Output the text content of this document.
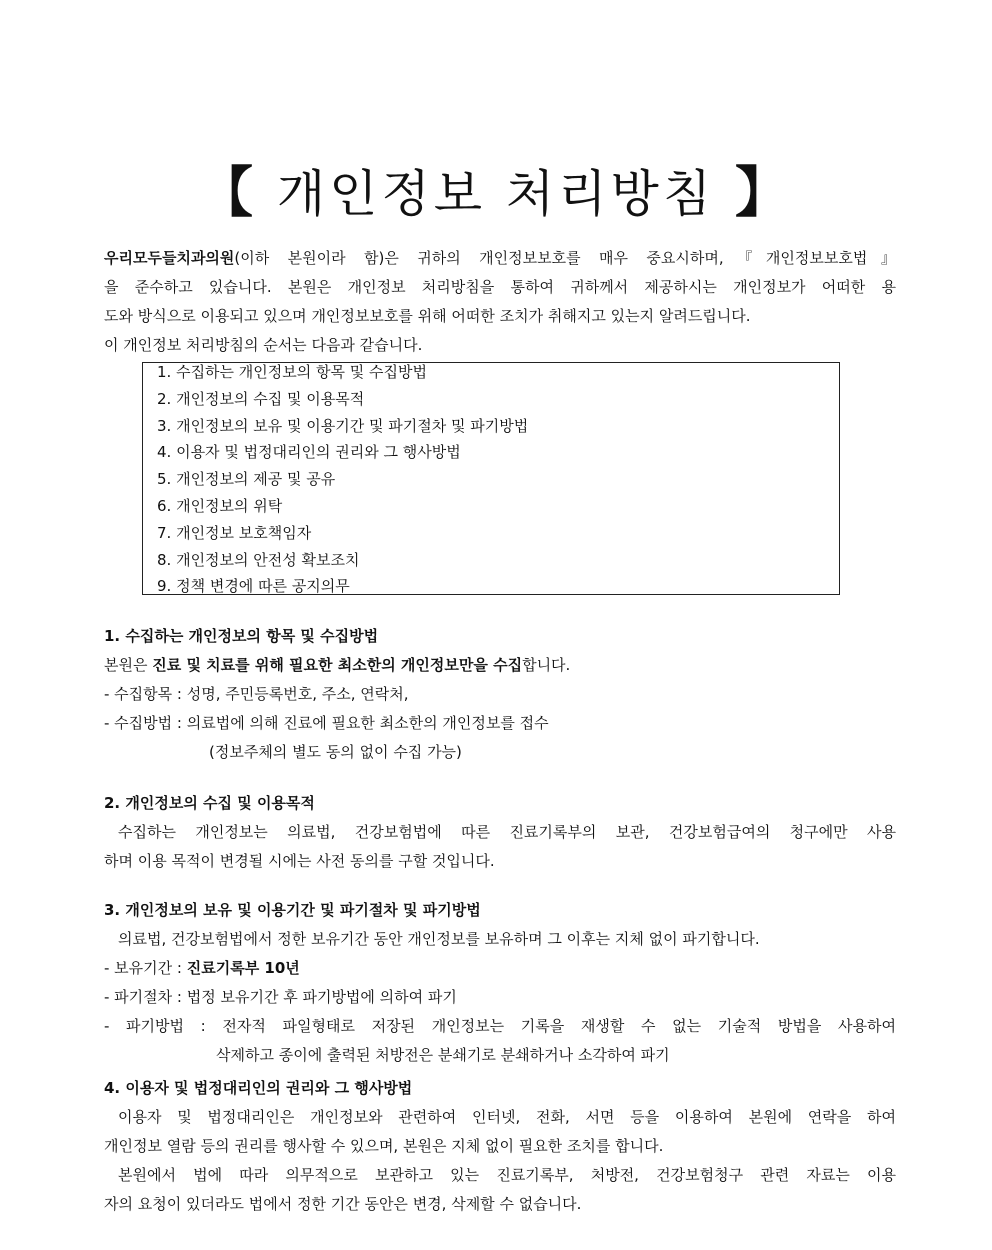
【 개인정보 처리방침 】
우리모두들치과의원(이하 본원이라 함)은 귀하의 개인정보보호를 매우 중요시하며,『개인정보보호법』
을 준수하고 있습니다. 본원은 개인정보 처리방침을 통하여 귀하께서 제공하시는 개인정보가 어떠한 용
도와 방식으로 이용되고 있으며 개인정보보호를 위해 어떠한 조치가 취해지고 있는지 알려드립니다.
이 개인정보 처리방침의 순서는 다음과 같습니다.
1. 수집하는 개인정보의 항목 및 수집방법
2. 개인정보의 수집 및 이용목적
3. 개인정보의 보유 및 이용기간 및 파기절차 및 파기방법
4. 이용자 및 법정대리인의 권리와 그 행사방법
5. 개인정보의 제공 및 공유
6. 개인정보의 위탁
7. 개인정보 보호책임자
8. 개인정보의 안전성 확보조치
9. 정책 변경에 따른 공지의무
1. 수집하는 개인정보의 항목 및 수집방법
본원은 진료 및 치료를 위해 필요한 최소한의 개인정보만을 수집합니다.
- 수집항목 : 성명, 주민등록번호, 주소, 연락처,
- 수집방법 : 의료법에 의해 진료에 필요한 최소한의 개인정보를 접수
(정보주체의 별도 동의 없이 수집 가능)
2. 개인정보의 수집 및 이용목적
수집하는 개인정보는 의료법, 건강보험법에 따른 진료기록부의 보관, 건강보험급여의 청구에만 사용
하며 이용 목적이 변경될 시에는 사전 동의를 구할 것입니다.
3. 개인정보의 보유 및 이용기간 및 파기절차 및 파기방법
의료법, 건강보험법에서 정한 보유기간 동안 개인정보를 보유하며 그 이후는 지체 없이 파기합니다.
- 보유기간 : 진료기록부 10년
- 파기절차 : 법정 보유기간 후 파기방법에 의하여 파기
- 파기방법 : 전자적 파일형태로 저장된 개인정보는 기록을 재생할 수 없는 기술적 방법을 사용하여
삭제하고 종이에 출력된 처방전은 분쇄기로 분쇄하거나 소각하여 파기
4. 이용자 및 법정대리인의 권리와 그 행사방법
이용자 및 법정대리인은 개인정보와 관련하여 인터넷, 전화, 서면 등을 이용하여 본원에 연락을 하여
개인정보 열람 등의 권리를 행사할 수 있으며, 본원은 지체 없이 필요한 조치를 합니다.
본원에서 법에 따라 의무적으로 보관하고 있는 진료기록부, 처방전, 건강보험청구 관련 자료는 이용
자의 요청이 있더라도 법에서 정한 기간 동안은 변경, 삭제할 수 없습니다.
